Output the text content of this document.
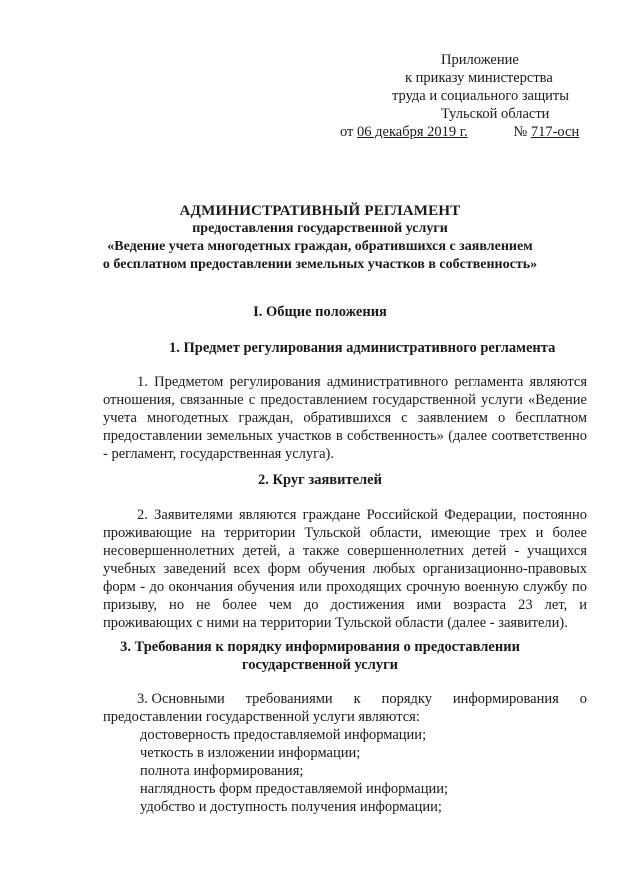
Приложение
к приказу министерства
труда и социального защиты
Тульской области
от 06 декабря 2019 г.	№ 717-осн
АДМИНИСТРАТИВНЫЙ РЕГЛАМЕНТ
предоставления государственной услуги
«Ведение учета многодетных граждан, обратившихся с заявлением
о бесплатном предоставлении земельных участков в собственность»
I. Общие положения
1. Предмет регулирования административного регламента
1. Предметом регулирования административного регламента являются отношения, связанные с предоставлением государственной услуги «Ведение учета многодетных граждан, обратившихся с заявлением о бесплатном предоставлении земельных участков в собственность» (далее соответственно - регламент, государственная услуга).
2. Круг заявителей
2. Заявителями являются граждане Российской Федерации, постоянно проживающие на территории Тульской области, имеющие трех и более несовершеннолетних детей, а также совершеннолетних детей - учащихся учебных заведений всех форм обучения любых организационно-правовых форм - до окончания обучения или проходящих срочную военную службу по призыву, но не более чем до достижения ими возраста 23 лет, и проживающих с ними на территории Тульской области (далее - заявители).
3. Требования к порядку информирования о предоставлении
государственной услуги
3. Основными требованиями к порядку информирования о
предоставлении государственной услуги являются:
достоверность предоставляемой информации;
четкость в изложении информации;
полнота информирования;
наглядность форм предоставляемой информации;
удобство и доступность получения информации;
